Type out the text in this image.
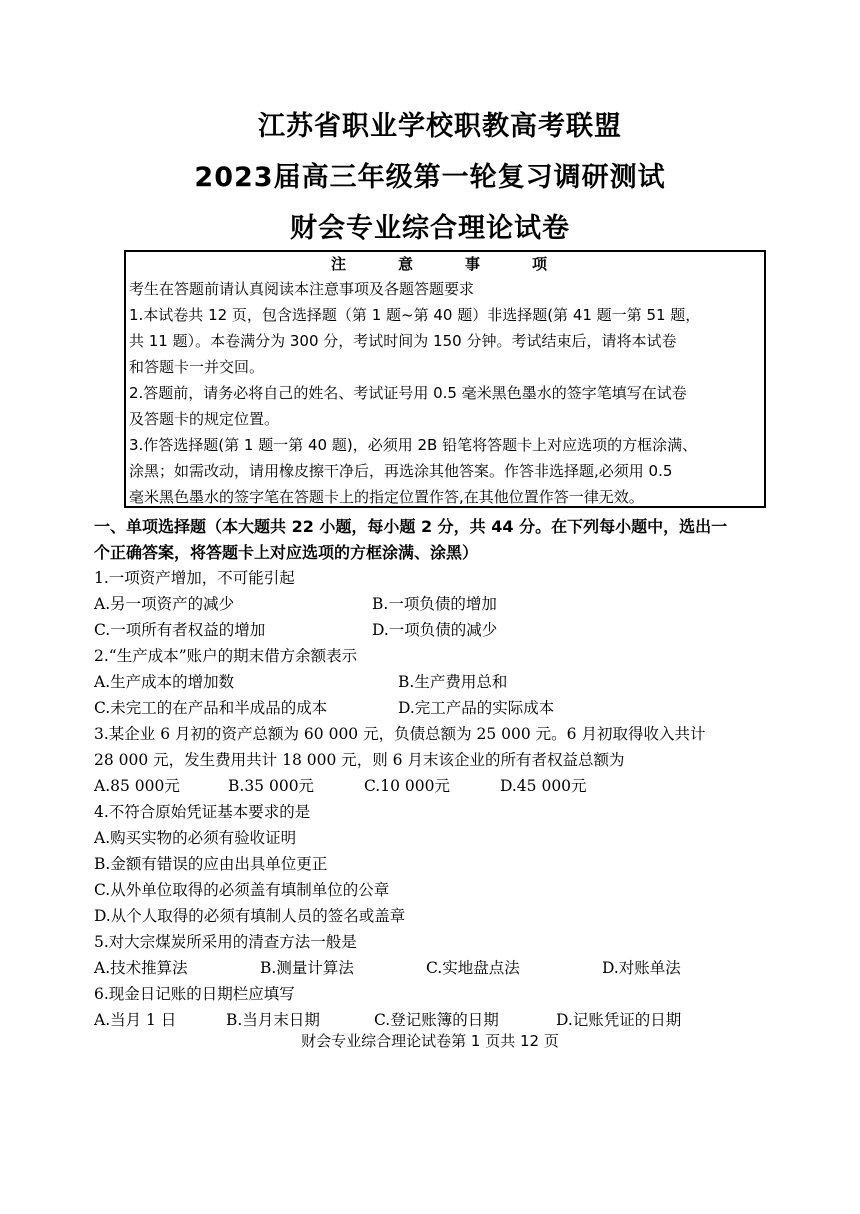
江苏省职业学校职教高考联盟
2023届高三年级第一轮复习调研测试
财会专业综合理论试卷
注意事项
考生在答题前请认真阅读本注意事项及各题答题要求
1.本试卷共 12 页，包含选择题（第 1 题~第 40 题）非选择题(第 41 题一第 51 题，
共 11 题）。本卷满分为 300 分，考试时间为 150 分钟。考试结束后，请将本试卷
和答题卡一并交回。
2.答题前，请务必将自己的姓名、考试证号用 0.5 毫米黑色墨水的签字笔填写在试卷
及答题卡的规定位置。
3.作答选择题(第 1 题一第 40 题)，必须用 2B 铅笔将答题卡上对应选项的方框涂满、
涂黑；如需改动，请用橡皮擦干净后，再选涂其他答案。作答非选择题,必须用 0.5
毫米黑色墨水的签字笔在答题卡上的指定位置作答,在其他位置作答一律无效。
一、单项选择题（本大题共 22 小题，每小题 2 分，共 44 分。在下列每小题中，选出一
个正确答案，将答题卡上对应选项的方框涂满、涂黑）
1.一项资产增加，不可能引起
A.另一项资产的减少	B.一项负债的增加
C.一项所有者权益的增加	D.一项负债的减少
2.“生产成本”账户的期末借方余额表示
A.生产成本的增加数	B.生产费用总和
C.未完工的在产品和半成品的成本	D.完工产品的实际成本
3.某企业 6 月初的资产总额为 60 000 元，负债总额为 25 000 元。6 月初取得收入共计
28 000 元，发生费用共计 18 000 元，则 6 月末该企业的所有者权益总额为
A.85 000元	B.35 000元	C.10 000元	D.45 000元
4.不符合原始凭证基本要求的是
A.购买实物的必须有验收证明
B.金额有错误的应由出具单位更正
C.从外单位取得的必须盖有填制单位的公章
D.从个人取得的必须有填制人员的签名或盖章
5.对大宗煤炭所采用的清查方法一般是
A.技术推算法	B.测量计算法	C.实地盘点法	D.对账单法
6.现金日记账的日期栏应填写
A.当月 1 日	B.当月末日期	C.登记账簿的日期	D.记账凭证的日期
财会专业综合理论试卷第 1 页共 12 页
